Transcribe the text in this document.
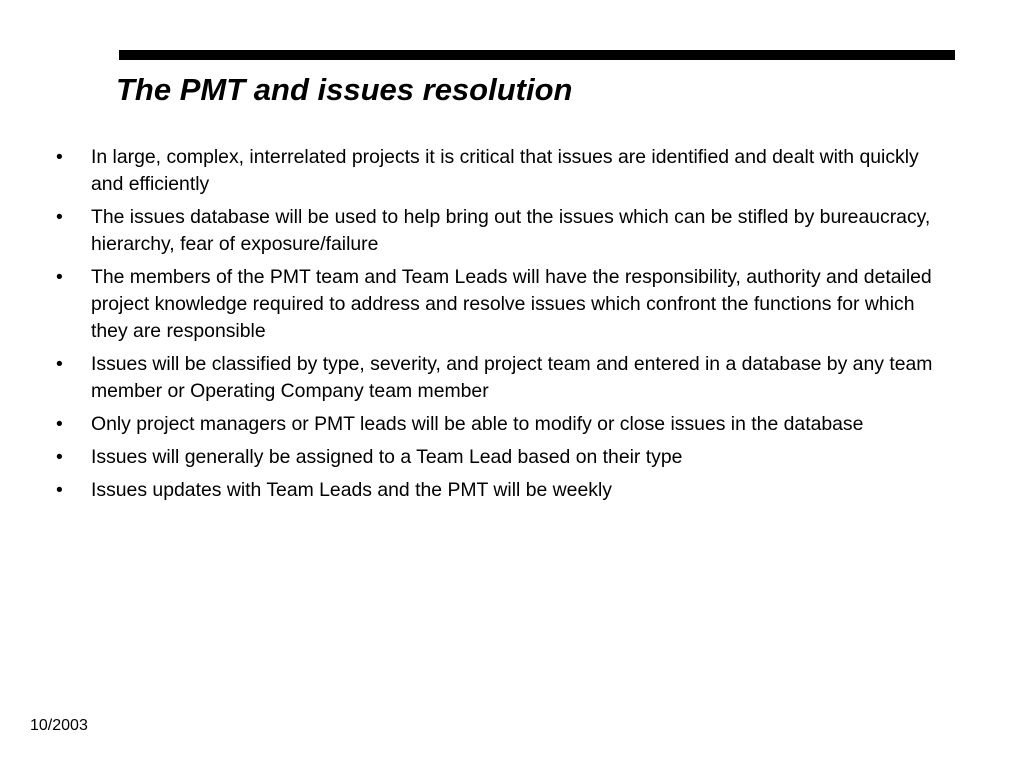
The PMT and issues resolution
•	In large, complex, interrelated projects it is critical that issues are identified and dealt with quickly and efficiently
•	The issues database will be used to help bring out the issues which can be stifled by bureaucracy, hierarchy, fear of exposure/failure
•	The members of the PMT team and Team Leads will have the responsibility, authority and detailed project knowledge required to address and resolve issues which confront the functions for which they are responsible
•	Issues will be classified by type, severity, and project team and entered in a database by any team member or Operating Company team member
•	Only project managers or PMT leads will be able to modify or close issues in the database
•	Issues will generally be assigned to a Team Lead based on their type
•	Issues updates with Team Leads and the PMT will be weekly
10/2003
